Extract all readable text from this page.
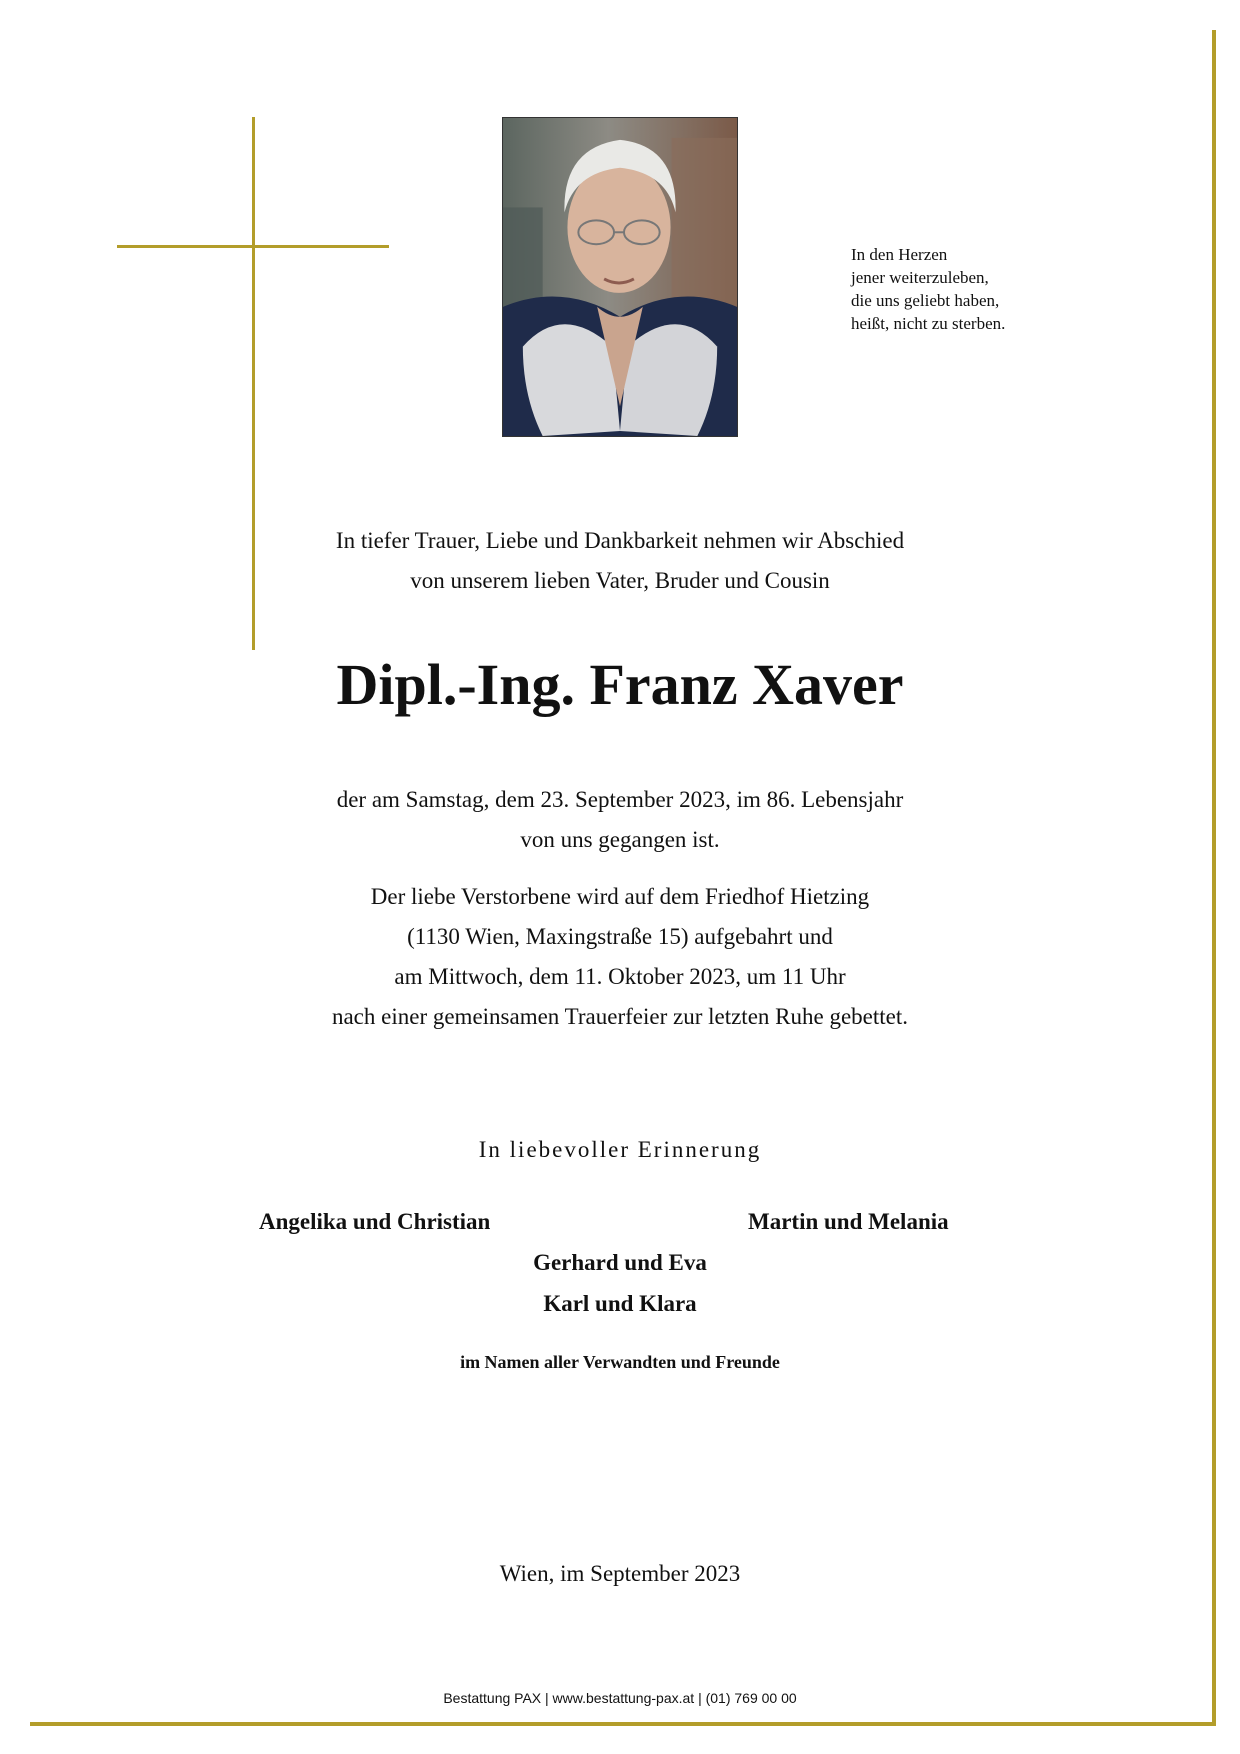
In den Herzen
jener weiterzuleben,
die uns geliebt haben,
heißt, nicht zu sterben.
In tiefer Trauer, Liebe und Dankbarkeit nehmen wir Abschied
von unserem lieben Vater, Bruder und Cousin
Dipl.-Ing. Franz Xaver
der am Samstag, dem 23. September 2023, im 86. Lebensjahr
von uns gegangen ist.
Der liebe Verstorbene wird auf dem Friedhof Hietzing
(1130 Wien, Maxingstraße 15) aufgebahrt und
am Mittwoch, dem 11. Oktober 2023, um 11 Uhr
nach einer gemeinsamen Trauerfeier zur letzten Ruhe gebettet.
In liebevoller Erinnerung
Angelika und Christian	Martin und Melania
Gerhard und Eva
Karl und Klara
im Namen aller Verwandten und Freunde
Wien, im September 2023
Bestattung PAX | www.bestattung-pax.at | (01) 769 00 00
